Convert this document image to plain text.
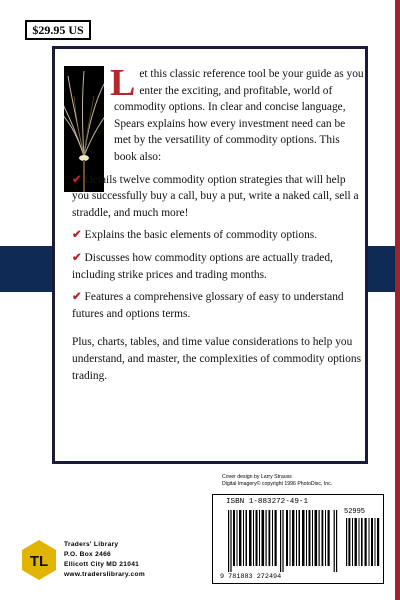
$29.95 US

Let this classic reference tool be your guide as you enter the exciting, and profitable, world of commodity options. In clear and concise language, Spears explains how every investment need can be met by the versatility of commodity options. This book also:

✔ Details twelve commodity option strategies that will help you successfully buy a call, buy a put, write a naked call, sell a straddle, and much more!

✔ Explains the basic elements of commodity options.

✔ Discusses how commodity options are actually traded, including strike prices and trading months.

✔ Features a comprehensive glossary of easy to understand futures and options terms.

Plus, charts, tables, and time value considerations to help you understand, and master, the complexities of commodity options trading.

Cover design by Larry Strauss
Digital Imagery© copyright 1996 PhotoDisc, Inc.
ISBN 1-883272-49-1
52995
9 781883 272494
TL
Traders' Library
P.O. Box 2466
Ellicott City MD 21041
www.traderslibrary.com
